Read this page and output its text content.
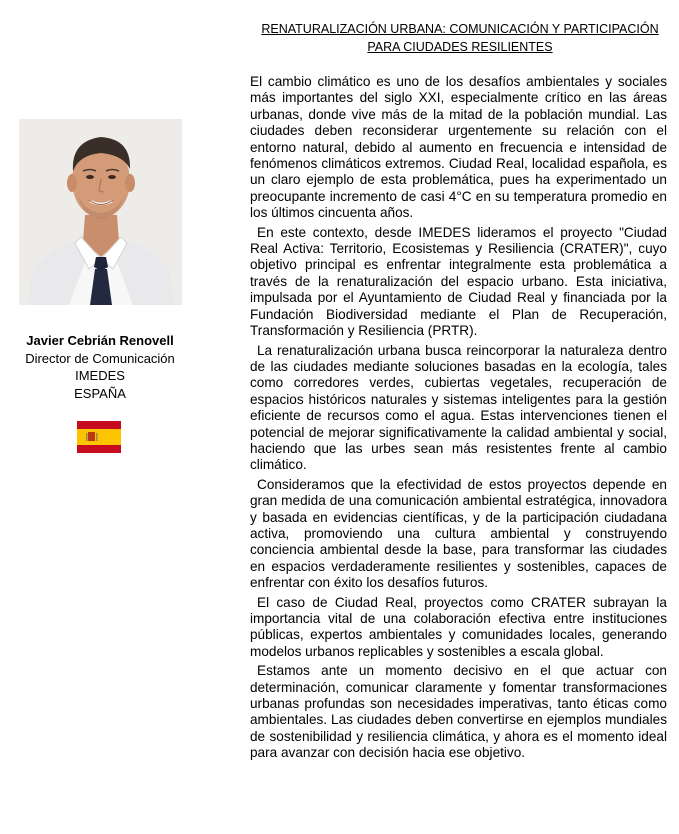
RENATURALIZACIÓN URBANA: COMUNICACIÓN Y PARTICIPACIÓN
PARA CIUDADES RESILIENTES
Javier Cebrián Renovell
Director de Comunicación
IMEDES
ESPAÑA

El cambio climático es uno de los desafíos ambientales y sociales más importantes del siglo XXI, especialmente crítico en las áreas urbanas, donde vive más de la mitad de la población mundial. Las ciudades deben reconsiderar urgentemente su relación con el entorno natural, debido al aumento en frecuencia e intensidad de fenómenos climáticos extremos. Ciudad Real, localidad española, es un claro ejemplo de esta problemática, pues ha experimentado un preocupante incremento de casi 4°C en su temperatura promedio en los últimos cincuenta años.

En este contexto, desde IMEDES lideramos el proyecto "Ciudad Real Activa: Territorio, Ecosistemas y Resiliencia (CRATER)", cuyo objetivo principal es enfrentar integralmente esta problemática a través de la renaturalización del espacio urbano. Esta iniciativa, impulsada por el Ayuntamiento de Ciudad Real y financiada por la Fundación Biodiversidad mediante el Plan de Recuperación, Transformación y Resiliencia (PRTR).

La renaturalización urbana busca reincorporar la naturaleza dentro de las ciudades mediante soluciones basadas en la ecología, tales como corredores verdes, cubiertas vegetales, recuperación de espacios históricos naturales y sistemas inteligentes para la gestión eficiente de recursos como el agua. Estas intervenciones tienen el potencial de mejorar significativamente la calidad ambiental y social, haciendo que las urbes sean más resistentes frente al cambio climático.

Consideramos que la efectividad de estos proyectos depende en gran medida de una comunicación ambiental estratégica, innovadora y basada en evidencias científicas, y de la participación ciudadana activa, promoviendo una cultura ambiental y construyendo conciencia ambiental desde la base, para transformar las ciudades en espacios verdaderamente resilientes y sostenibles, capaces de enfrentar con éxito los desafíos futuros.

El caso de Ciudad Real, proyectos como CRATER subrayan la importancia vital de una colaboración efectiva entre instituciones públicas, expertos ambientales y comunidades locales, generando modelos urbanos replicables y sostenibles a escala global.

Estamos ante un momento decisivo en el que actuar con determinación, comunicar claramente y fomentar transformaciones urbanas profundas son necesidades imperativas, tanto éticas como ambientales. Las ciudades deben convertirse en ejemplos mundiales de sostenibilidad y resiliencia climática, y ahora es el momento ideal para avanzar con decisión hacia ese objetivo.
